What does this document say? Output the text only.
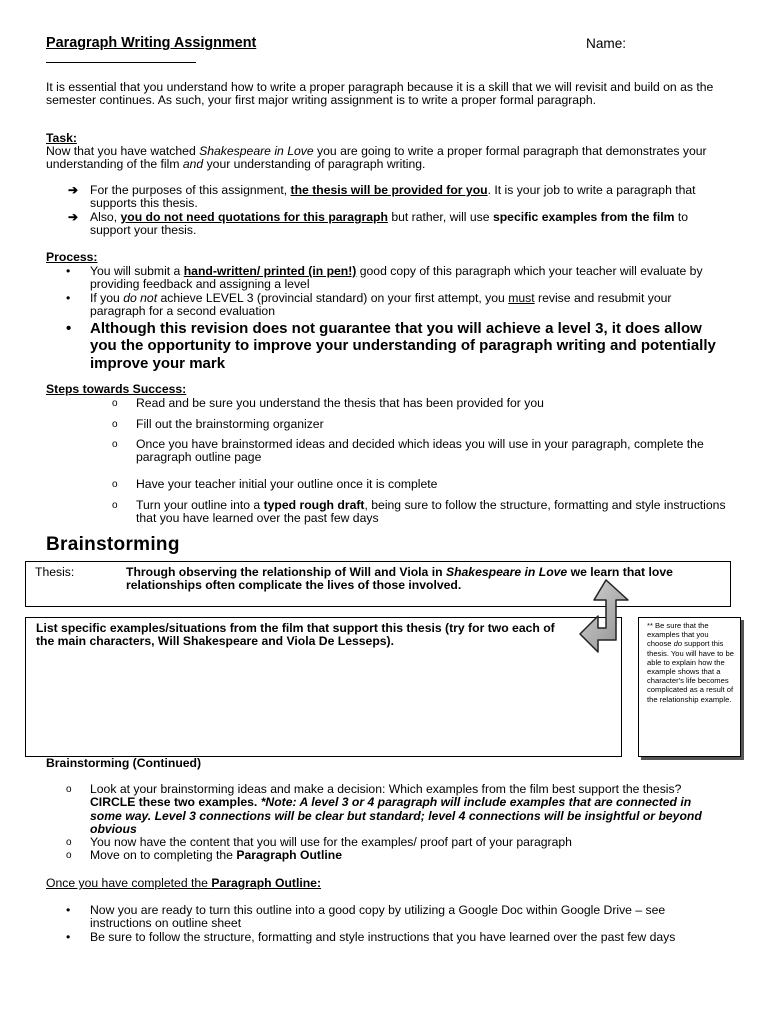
Paragraph Writing Assignment	Name:
It is essential that you understand how to write a proper paragraph because it is a skill that we will revisit and build on as the semester continues. As such, your first major writing assignment is to write a proper formal paragraph.
Task:
Now that you have watched Shakespeare in Love you are going to write a proper formal paragraph that demonstrates your understanding of the film and your understanding of paragraph writing.
➔ For the purposes of this assignment, the thesis will be provided for you. It is your job to write a paragraph that supports this thesis.
➔ Also, you do not need quotations for this paragraph but rather, will use specific examples from the film to support your thesis.
Process:
• You will submit a hand-written/ printed (in pen!) good copy of this paragraph which your teacher will evaluate by providing feedback and assigning a level
• If you do not achieve LEVEL 3 (provincial standard) on your first attempt, you must revise and resubmit your paragraph for a second evaluation
• Although this revision does not guarantee that you will achieve a level 3, it does allow you the opportunity to improve your understanding of paragraph writing and potentially improve your mark
Steps towards Success:
o Read and be sure you understand the thesis that has been provided for you
o Fill out the brainstorming organizer
o Once you have brainstormed ideas and decided which ideas you will use in your paragraph, complete the paragraph outline page
o Have your teacher initial your outline once it is complete
o Turn your outline into a typed rough draft, being sure to follow the structure, formatting and style instructions that you have learned over the past few days
Brainstorming
Thesis:	Through observing the relationship of Will and Viola in Shakespeare in Love we learn that love relationships often complicate the lives of those involved.
List specific examples/situations from the film that support this thesis (try for two each of
the main characters, Will Shakespeare and Viola De Lesseps).
** Be sure that the examples that you choose do support this thesis. You will have to be able to explain how the example shows that a character's life becomes complicated as a result of the relationship example.
Brainstorming (Continued)
o Look at your brainstorming ideas and make a decision: Which examples from the film best support the thesis? CIRCLE these two examples. *Note: A level 3 or 4 paragraph will include examples that are connected in some way. Level 3 connections will be clear but standard; level 4 connections will be insightful or beyond obvious
o You now have the content that you will use for the examples/ proof part of your paragraph
o Move on to completing the Paragraph Outline
Once you have completed the Paragraph Outline:
• Now you are ready to turn this outline into a good copy by utilizing a Google Doc within Google Drive – see instructions on outline sheet
• Be sure to follow the structure, formatting and style instructions that you have learned over the past few days
